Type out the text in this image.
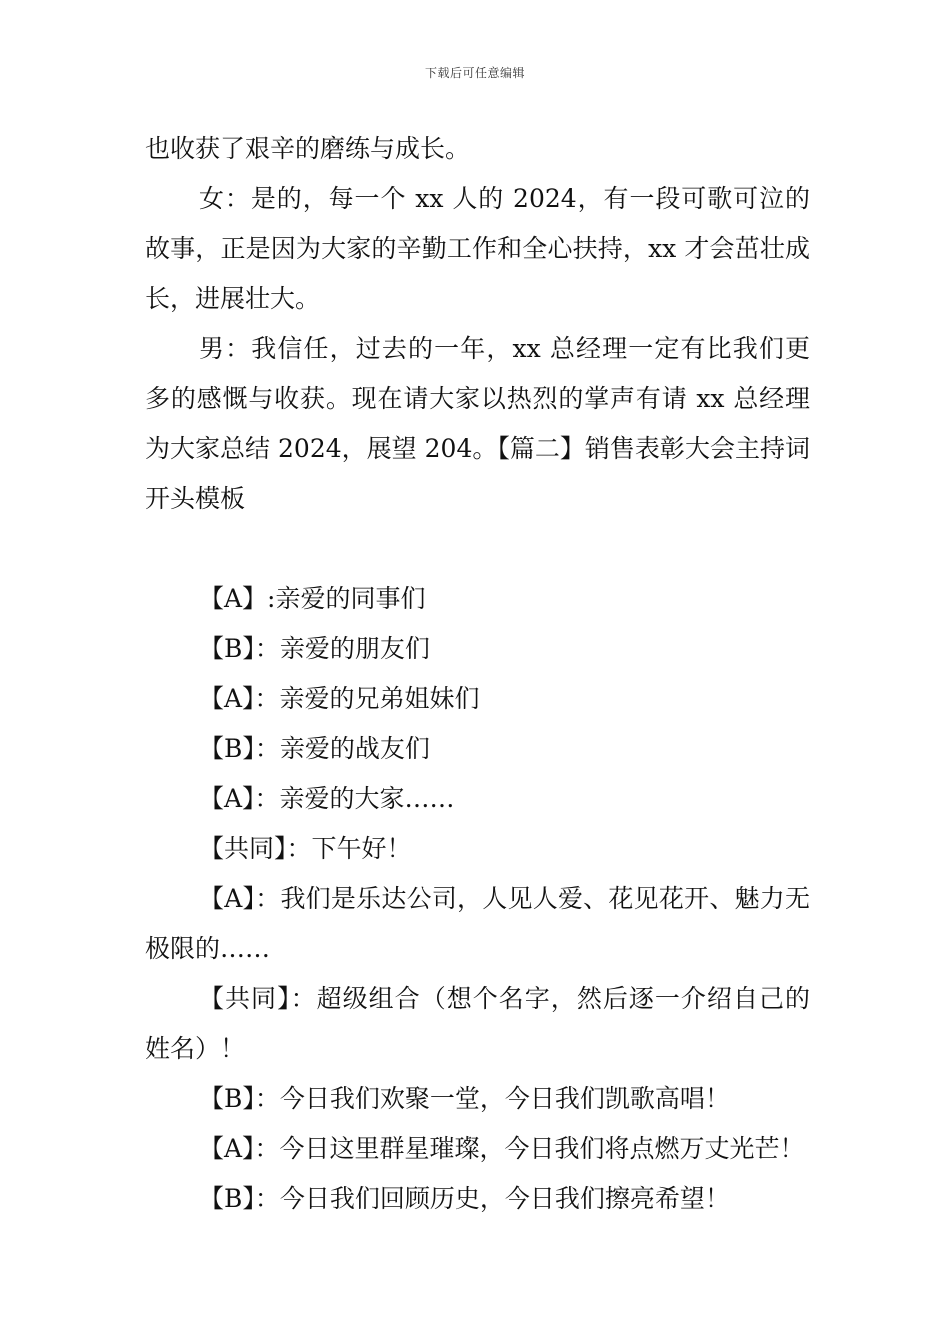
下载后可任意编辑

也收获了艰辛的磨练与成长。

女：是的，每一个 xx 人的 2024，有一段可歌可泣的故事，正是因为大家的辛勤工作和全心扶持，xx 才会茁壮成长，进展壮大。

男：我信任，过去的一年，xx 总经理一定有比我们更多的感慨与收获。现在请大家以热烈的掌声有请 xx 总经理为大家总结 2024，展望 204。【篇二】销售表彰大会主持词开头模板

【A】:亲爱的同事们

【B】：亲爱的朋友们

【A】：亲爱的兄弟姐妹们

【B】：亲爱的战友们

【A】：亲爱的大家……

【共同】：下午好！

【A】：我们是乐达公司，人见人爱、花见花开、魅力无极限的……

【共同】：超级组合（想个名字，然后逐一介绍自己的姓名）！

【B】：今日我们欢聚一堂，今日我们凯歌高唱！

【A】：今日这里群星璀璨，今日我们将点燃万丈光芒！

【B】：今日我们回顾历史，今日我们擦亮希望！
